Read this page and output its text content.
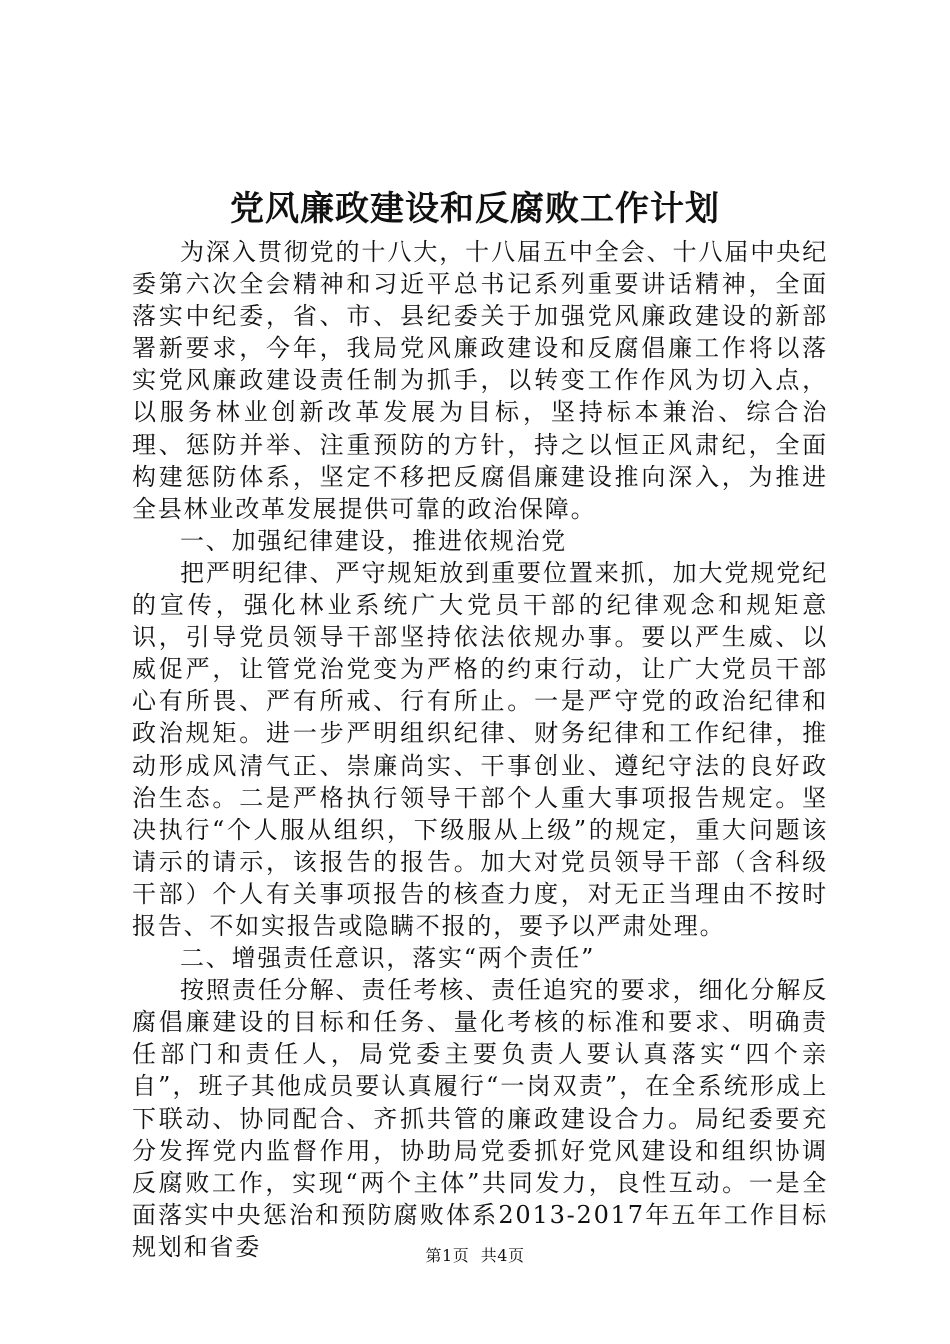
党风廉政建设和反腐败工作计划

为深入贯彻党的十八大，十八届五中全会、十八届中央纪委第六次全会精神和习近平总书记系列重要讲话精神，全面落实中纪委，省、市、县纪委关于加强党风廉政建设的新部署新要求，今年，我局党风廉政建设和反腐倡廉工作将以落实党风廉政建设责任制为抓手，以转变工作作风为切入点，以服务林业创新改革发展为目标，坚持标本兼治、综合治理、惩防并举、注重预防的方针，持之以恒正风肃纪，全面构建惩防体系，坚定不移把反腐倡廉建设推向深入，为推进全县林业改革发展提供可靠的政治保障。

一、加强纪律建设，推进依规治党

把严明纪律、严守规矩放到重要位置来抓，加大党规党纪的宣传，强化林业系统广大党员干部的纪律观念和规矩意识，引导党员领导干部坚持依法依规办事。要以严生威、以威促严，让管党治党变为严格的约束行动，让广大党员干部心有所畏、严有所戒、行有所止。一是严守党的政治纪律和政治规矩。进一步严明组织纪律、财务纪律和工作纪律，推动形成风清气正、崇廉尚实、干事创业、遵纪守法的良好政治生态。二是严格执行领导干部个人重大事项报告规定。坚决执行“个人服从组织，下级服从上级”的规定，重大问题该请示的请示，该报告的报告。加大对党员领导干部（含科级干部）个人有关事项报告的核查力度，对无正当理由不按时报告、不如实报告或隐瞒不报的，要予以严肃处理。

二、增强责任意识，落实“两个责任”

按照责任分解、责任考核、责任追究的要求，细化分解反腐倡廉建设的目标和任务、量化考核的标准和要求、明确责任部门和责任人，局党委主要负责人要认真落实“四个亲自”，班子其他成员要认真履行“一岗双责”，在全系统形成上下联动、协同配合、齐抓共管的廉政建设合力。局纪委要充分发挥党内监督作用，协助局党委抓好党风建设和组织协调反腐败工作，实现“两个主体”共同发力，良性互动。一是全面落实中央惩治和预防腐败体系2013-2017年五年工作目标规划和省委	第1页 共4页
